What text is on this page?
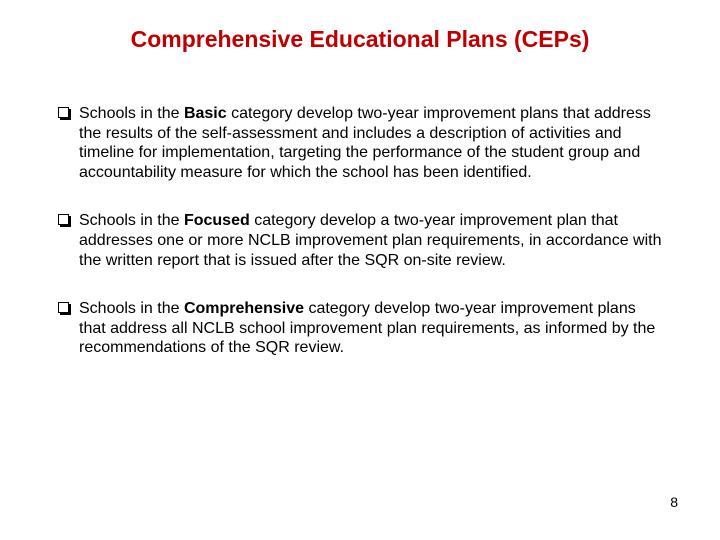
Comprehensive Educational Plans (CEPs)
Schools in the Basic category develop two-year improvement plans that address the results of the self-assessment and includes a description of activities and timeline for implementation, targeting the performance of the student group and accountability measure for which the school has been identified.
Schools in the Focused category develop a two-year improvement plan that addresses one or more NCLB improvement plan requirements, in accordance with the written report that is issued after the SQR on-site review.
Schools in the Comprehensive category develop two-year improvement plans that address all NCLB school improvement plan requirements, as informed by the recommendations of the SQR review.
8
